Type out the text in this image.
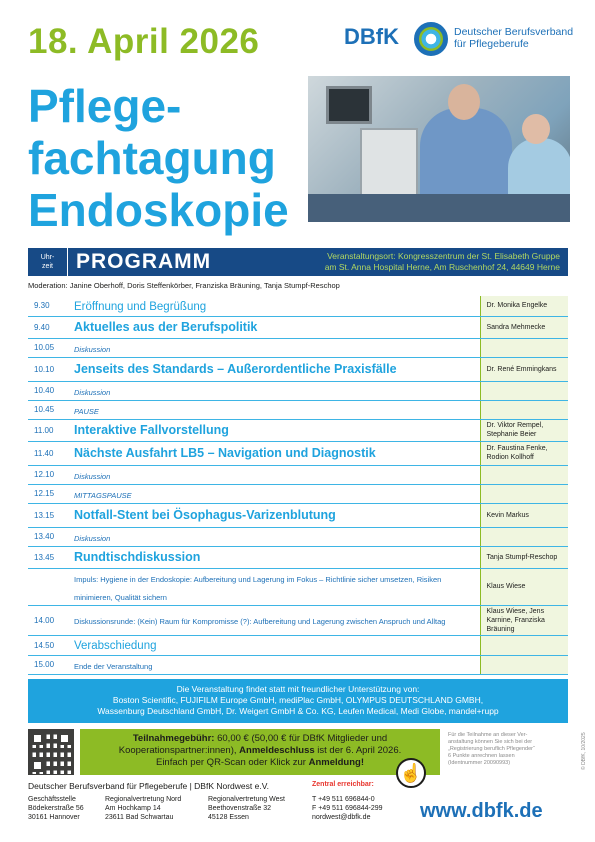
18. April 2026	DBfK	Deutscher Berufsverband
für Pflegeberufe
Pflege-
fachtagung
Endoskopie
Uhr-
zeit	PROGRAMM	Veranstaltungsort: Kongresszentrum der St. Elisabeth Gruppe
am St. Anna Hospital Herne, Am Ruschenhof 24, 44649 Herne
Moderation: Janine Oberhoff, Doris Steffenkörber, Franziska Bräuning, Tanja Stumpf-Reschop
9.30	Eröffnung und Begrüßung	Dr. Monika Engelke
9.40	Aktuelles aus der Berufspolitik	Sandra Mehmecke
10.05	Diskussion	
10.10	Jenseits des Standards – Außerordentliche Praxisfälle	Dr. René Emmingkans
10.40	Diskussion	
10.45	PAUSE	
11.00	Interaktive Fallvorstellung	Dr. Viktor Rempel, Stephanie Beier
11.40	Nächste Ausfahrt LB5 – Navigation und Diagnostik	Dr. Faustina Fenke, Rodion Kollhoff
12.10	Diskussion	
12.15	MITTAGSPAUSE	
13.15	Notfall-Stent bei Ösophagus-Varizenblutung	Kevin Markus
13.40	Diskussion	
13.45	Rundtischdiskussion	Tanja Stumpf-Reschop
	Impuls: Hygiene in der Endoskopie: Aufbereitung und Lagerung im Fokus – Richtlinie sicher umsetzen, Risiken minimieren, Qualität sichern	Klaus Wiese
14.00	Diskussionsrunde: (Kein) Raum für Kompromisse (?): Aufbereitung und Lagerung zwischen Anspruch und Alltag	Klaus Wiese, Jens Karnine, Franziska Bräuning
14.50	Verabschiedung	
15.00	Ende der Veranstaltung	
Die Veranstaltung findet statt mit freundlicher Unterstützung von:
Boston Scientific, FUJIFILM Europe GmbH, mediPlac GmbH, OLYMPUS DEUTSCHLAND GMBH,
Wassenburg Deutschland GmbH, Dr. Weigert GmbH & Co. KG, Leufen Medical, Medi Globe, mandel+rupp
Teilnahmegebühr: 60,00 € (50,00 € für DBfK Mitglieder und
Kooperationspartner:innen), Anmeldeschluss ist der 6. April 2026.
Einfach per QR-Scan oder Klick zur Anmeldung!
☝
Für die Teilnahme an dieser Ver-
anstaltung können Sie sich bei der
„Registrierung beruflich Pflegender“
6 Punkte anrechnen lassen
(Identnummer 20090993)
Deutscher Berufsverband für Pflegeberufe | DBfK Nordwest e.V.
Geschäftsstelle
Bödekerstraße 56
30161 Hannover
Regionalvertretung Nord
Am Hochkamp 14
23611 Bad Schwartau
Regionalvertretung West
Beethovenstraße 32
45128 Essen
Zentral erreichbar:
T +49 511 696844-0
F +49 511 696844-299
nordwest@dbfk.de	www.dbfk.de
© DBfK, 10/2025
